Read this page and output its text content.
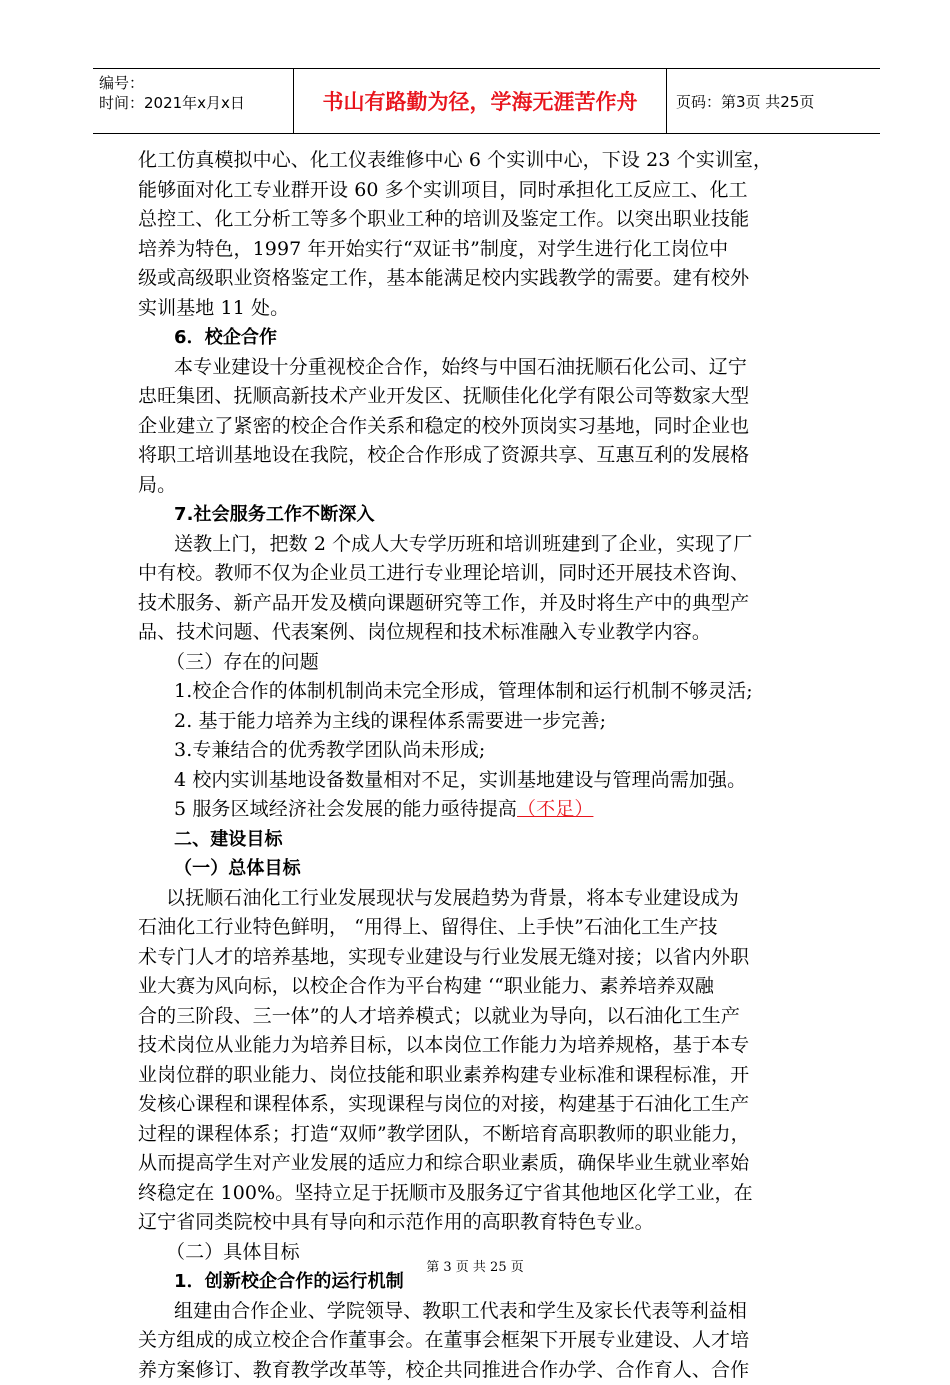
编号：
时间：2021年x月x日	书山有路勤为径，学海无涯苦作舟	页码：第3页 共25页

化工仿真模拟中心、化工仪表维修中心 6 个实训中心，下设 23 个实训室，

能够面对化工专业群开设 60 多个实训项目，同时承担化工反应工、化工

总控工、化工分析工等多个职业工种的培训及鉴定工作。以突出职业技能

培养为特色，1997 年开始实行“双证书”制度，对学生进行化工岗位中

级或高级职业资格鉴定工作，基本能满足校内实践教学的需要。建有校外

实训基地 11 处。

6．校企合作

本专业建设十分重视校企合作，始终与中国石油抚顺石化公司、辽宁

忠旺集团、抚顺高新技术产业开发区、抚顺佳化化学有限公司等数家大型

企业建立了紧密的校企合作关系和稳定的校外顶岗实习基地，同时企业也

将职工培训基地设在我院，校企合作形成了资源共享、互惠互利的发展格

局。

7.社会服务工作不断深入

送教上门，把数 2 个成人大专学历班和培训班建到了企业，实现了厂

中有校。教师不仅为企业员工进行专业理论培训，同时还开展技术咨询、

技术服务、新产品开发及横向课题研究等工作，并及时将生产中的典型产

品、技术问题、代表案例、岗位规程和技术标准融入专业教学内容。

（三）存在的问题

1.校企合作的体制机制尚未完全形成，管理体制和运行机制不够灵活;

2. 基于能力培养为主线的课程体系需要进一步完善;

3.专兼结合的优秀教学团队尚未形成;

4 校内实训基地设备数量相对不足，实训基地建设与管理尚需加强。

5 服务区域经济社会发展的能力亟待提高（不足）

二、建设目标

（一）总体目标

以抚顺石油化工行业发展现状与发展趋势为背景，将本专业建设成为

石油化工行业特色鲜明， “用得上、留得住、上手快”石油化工生产技

术专门人才的培养基地，实现专业建设与行业发展无缝对接；以省内外职

业大赛为风向标，以校企合作为平台构建 ‘“职业能力、素养培养双融

合的三阶段、三一体”的人才培养模式；以就业为导向，以石油化工生产

技术岗位从业能力为培养目标，以本岗位工作能力为培养规格，基于本专

业岗位群的职业能力、岗位技能和职业素养构建专业标准和课程标准，开

发核心课程和课程体系，实现课程与岗位的对接，构建基于石油化工生产

过程的课程体系；打造“双师”教学团队，不断培育高职教师的职业能力，

从而提高学生对产业发展的适应力和综合职业素质，确保毕业生就业率始

终稳定在 100%。坚持立足于抚顺市及服务辽宁省其他地区化学工业，在

辽宁省同类院校中具有导向和示范作用的高职教育特色专业。

（二）具体目标

1．创新校企合作的运行机制

组建由合作企业、学院领导、教职工代表和学生及家长代表等利益相

关方组成的成立校企合作董事会。在董事会框架下开展专业建设、人才培

养方案修订、教育教学改革等，校企共同推进合作办学、合作育人、合作

第 3 页 共 25 页
